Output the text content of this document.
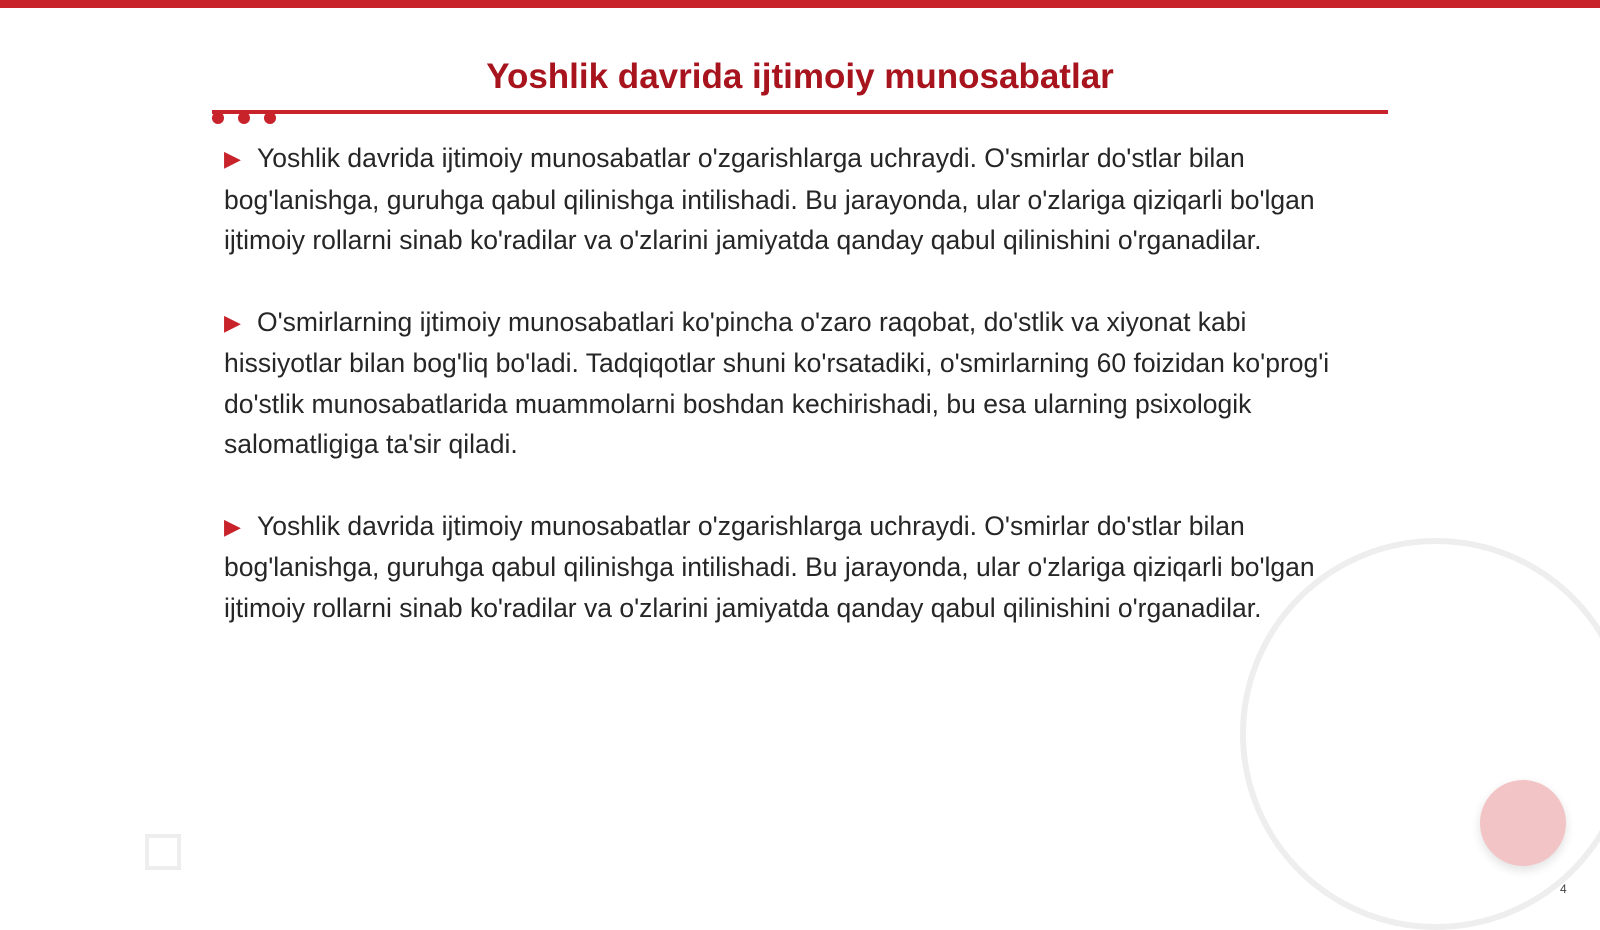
Yoshlik davrida ijtimoiy munosabatlar

▶ Yoshlik davrida ijtimoiy munosabatlar o'zgarishlarga uchraydi. O'smirlar do'stlar bilan bog'lanishga, guruhga qabul qilinishga intilishadi. Bu jarayonda, ular o'zlariga qiziqarli bo'lgan ijtimoiy rollarni sinab ko'radilar va o'zlarini jamiyatda qanday qabul qilinishini o'rganadilar.

▶ O'smirlarning ijtimoiy munosabatlari ko'pincha o'zaro raqobat, do'stlik va xiyonat kabi hissiyotlar bilan bog'liq bo'ladi. Tadqiqotlar shuni ko'rsatadiki, o'smirlarning 60 foizidan ko'prog'i do'stlik munosabatlarida muammolarni boshdan kechirishadi, bu esa ularning psixologik salomatligiga ta'sir qiladi.

▶ Yoshlik davrida ijtimoiy munosabatlar o'zgarishlarga uchraydi. O'smirlar do'stlar bilan bog'lanishga, guruhga qabul qilinishga intilishadi. Bu jarayonda, ular o'zlariga qiziqarli bo'lgan ijtimoiy rollarni sinab ko'radilar va o'zlarini jamiyatda qanday qabul qilinishini o'rganadilar.

4
